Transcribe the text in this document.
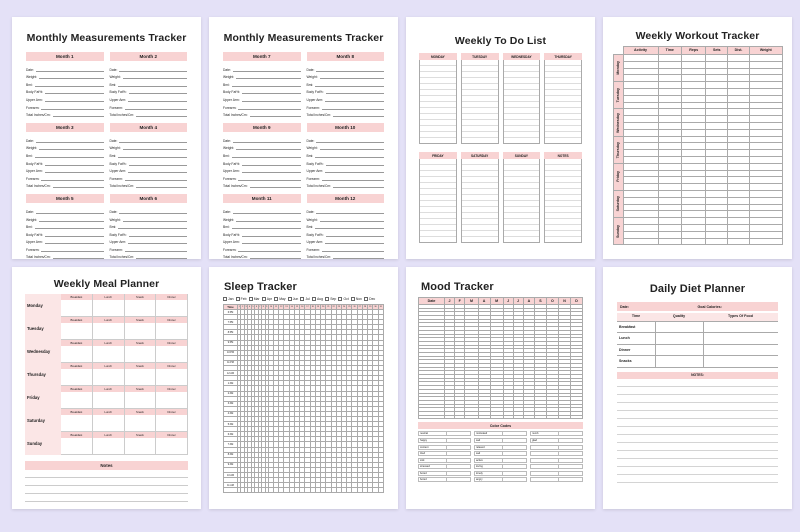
Monthly Measurements Tracker
Month 1
Date:
Weight:
Bmi:
Body Fat%:
Upper Arm:
Forearm:
Total Inches/Cm:
Month 2
Date:
Weight:
Bmi:
Body Fat%:
Upper Arm:
Forearm:
Total Inches/Cm:
Month 3
Date:
Weight:
Bmi:
Body Fat%:
Upper Arm:
Forearm:
Total Inches/Cm:
Month 4
Date:
Weight:
Bmi:
Body Fat%:
Upper Arm:
Forearm:
Total Inches/Cm:
Month 5
Date:
Weight:
Bmi:
Body Fat%:
Upper Arm:
Forearm:
Total Inches/Cm:
Month 6
Date:
Weight:
Bmi:
Body Fat%:
Upper Arm:
Forearm:
Total Inches/Cm:
Monthly Measurements Tracker
Month 7
Date:
Weight:
Bmi:
Body Fat%:
Upper Arm:
Forearm:
Total Inches/Cm:
Month 8
Date:
Weight:
Bmi:
Body Fat%:
Upper Arm:
Forearm:
Total Inches/Cm:
Month 9
Date:
Weight:
Bmi:
Body Fat%:
Upper Arm:
Forearm:
Total Inches/Cm:
Month 10
Date:
Weight:
Bmi:
Body Fat%:
Upper Arm:
Forearm:
Total Inches/Cm:
Month 11
Date:
Weight:
Bmi:
Body Fat%:
Upper Arm:
Forearm:
Total Inches/Cm:
Month 12
Date:
Weight:
Bmi:
Body Fat%:
Upper Arm:
Forearm:
Total Inches/Cm:
Weekly To Do List
MONDAY	TUESDAY	WEDNESDAY	THURSDAY
FRIDAY	SATURDAY	SUNDAY	NOTES
Weekly Workout Tracker
	Activity	Time	Reps	Sets	Dist.	Weight

Monday						

Tuesday						

Wednesday						

Thursday						

Friday						

Saturday						

Sunday						

Weekly Meal Planner
Monday
Breakfast	Lunch	Snack	Dinner
Tuesday
Breakfast	Lunch	Snack	Dinner
Wednesday
Breakfast	Lunch	Snack	Dinner
Thursday
Breakfast	Lunch	Snack	Dinner
Friday
Breakfast	Lunch	Snack	Dinner
Saturday
Breakfast	Lunch	Snack	Dinner
Sunday
Breakfast	Lunch	Snack	Dinner
Notes
Sleep Tracker
Jan Feb Mar Apr May Jun Jul Aug Sep Oct Nov Dec
Time	1	2	3	4	5	6	7	8	9	10	11	12	13	14	15	16	17	18	19	20	21	22	23	24	25	26	27	28	29	30	31
6:PM																															

7:PM																															

8:PM																															

9:PM																															

10:PM																															

11:PM																															

12:AM																															

1:AM																															

2:AM																															

3:AM																															

4:AM																															

5:AM																															

6:AM																															

7:AM																															

8:AM																															

9:AM																															

10:AM																															

11:AM																															

Mood Tracker
Date	J	F	M	A	M	J	J	A	S	O	N	D

Color Codes
neutral	motivated	numb
happy	sad	glad
content	relaxed
tired	sad
sick	active
stressed	loving
bored	lonely
bored	angry
Daily Diet Planner
Date:	Goal Calories:
Time	Quality	Types Of Food
Breakfast		
Lunch		
Dinner		
Snacks		
NOTES:
